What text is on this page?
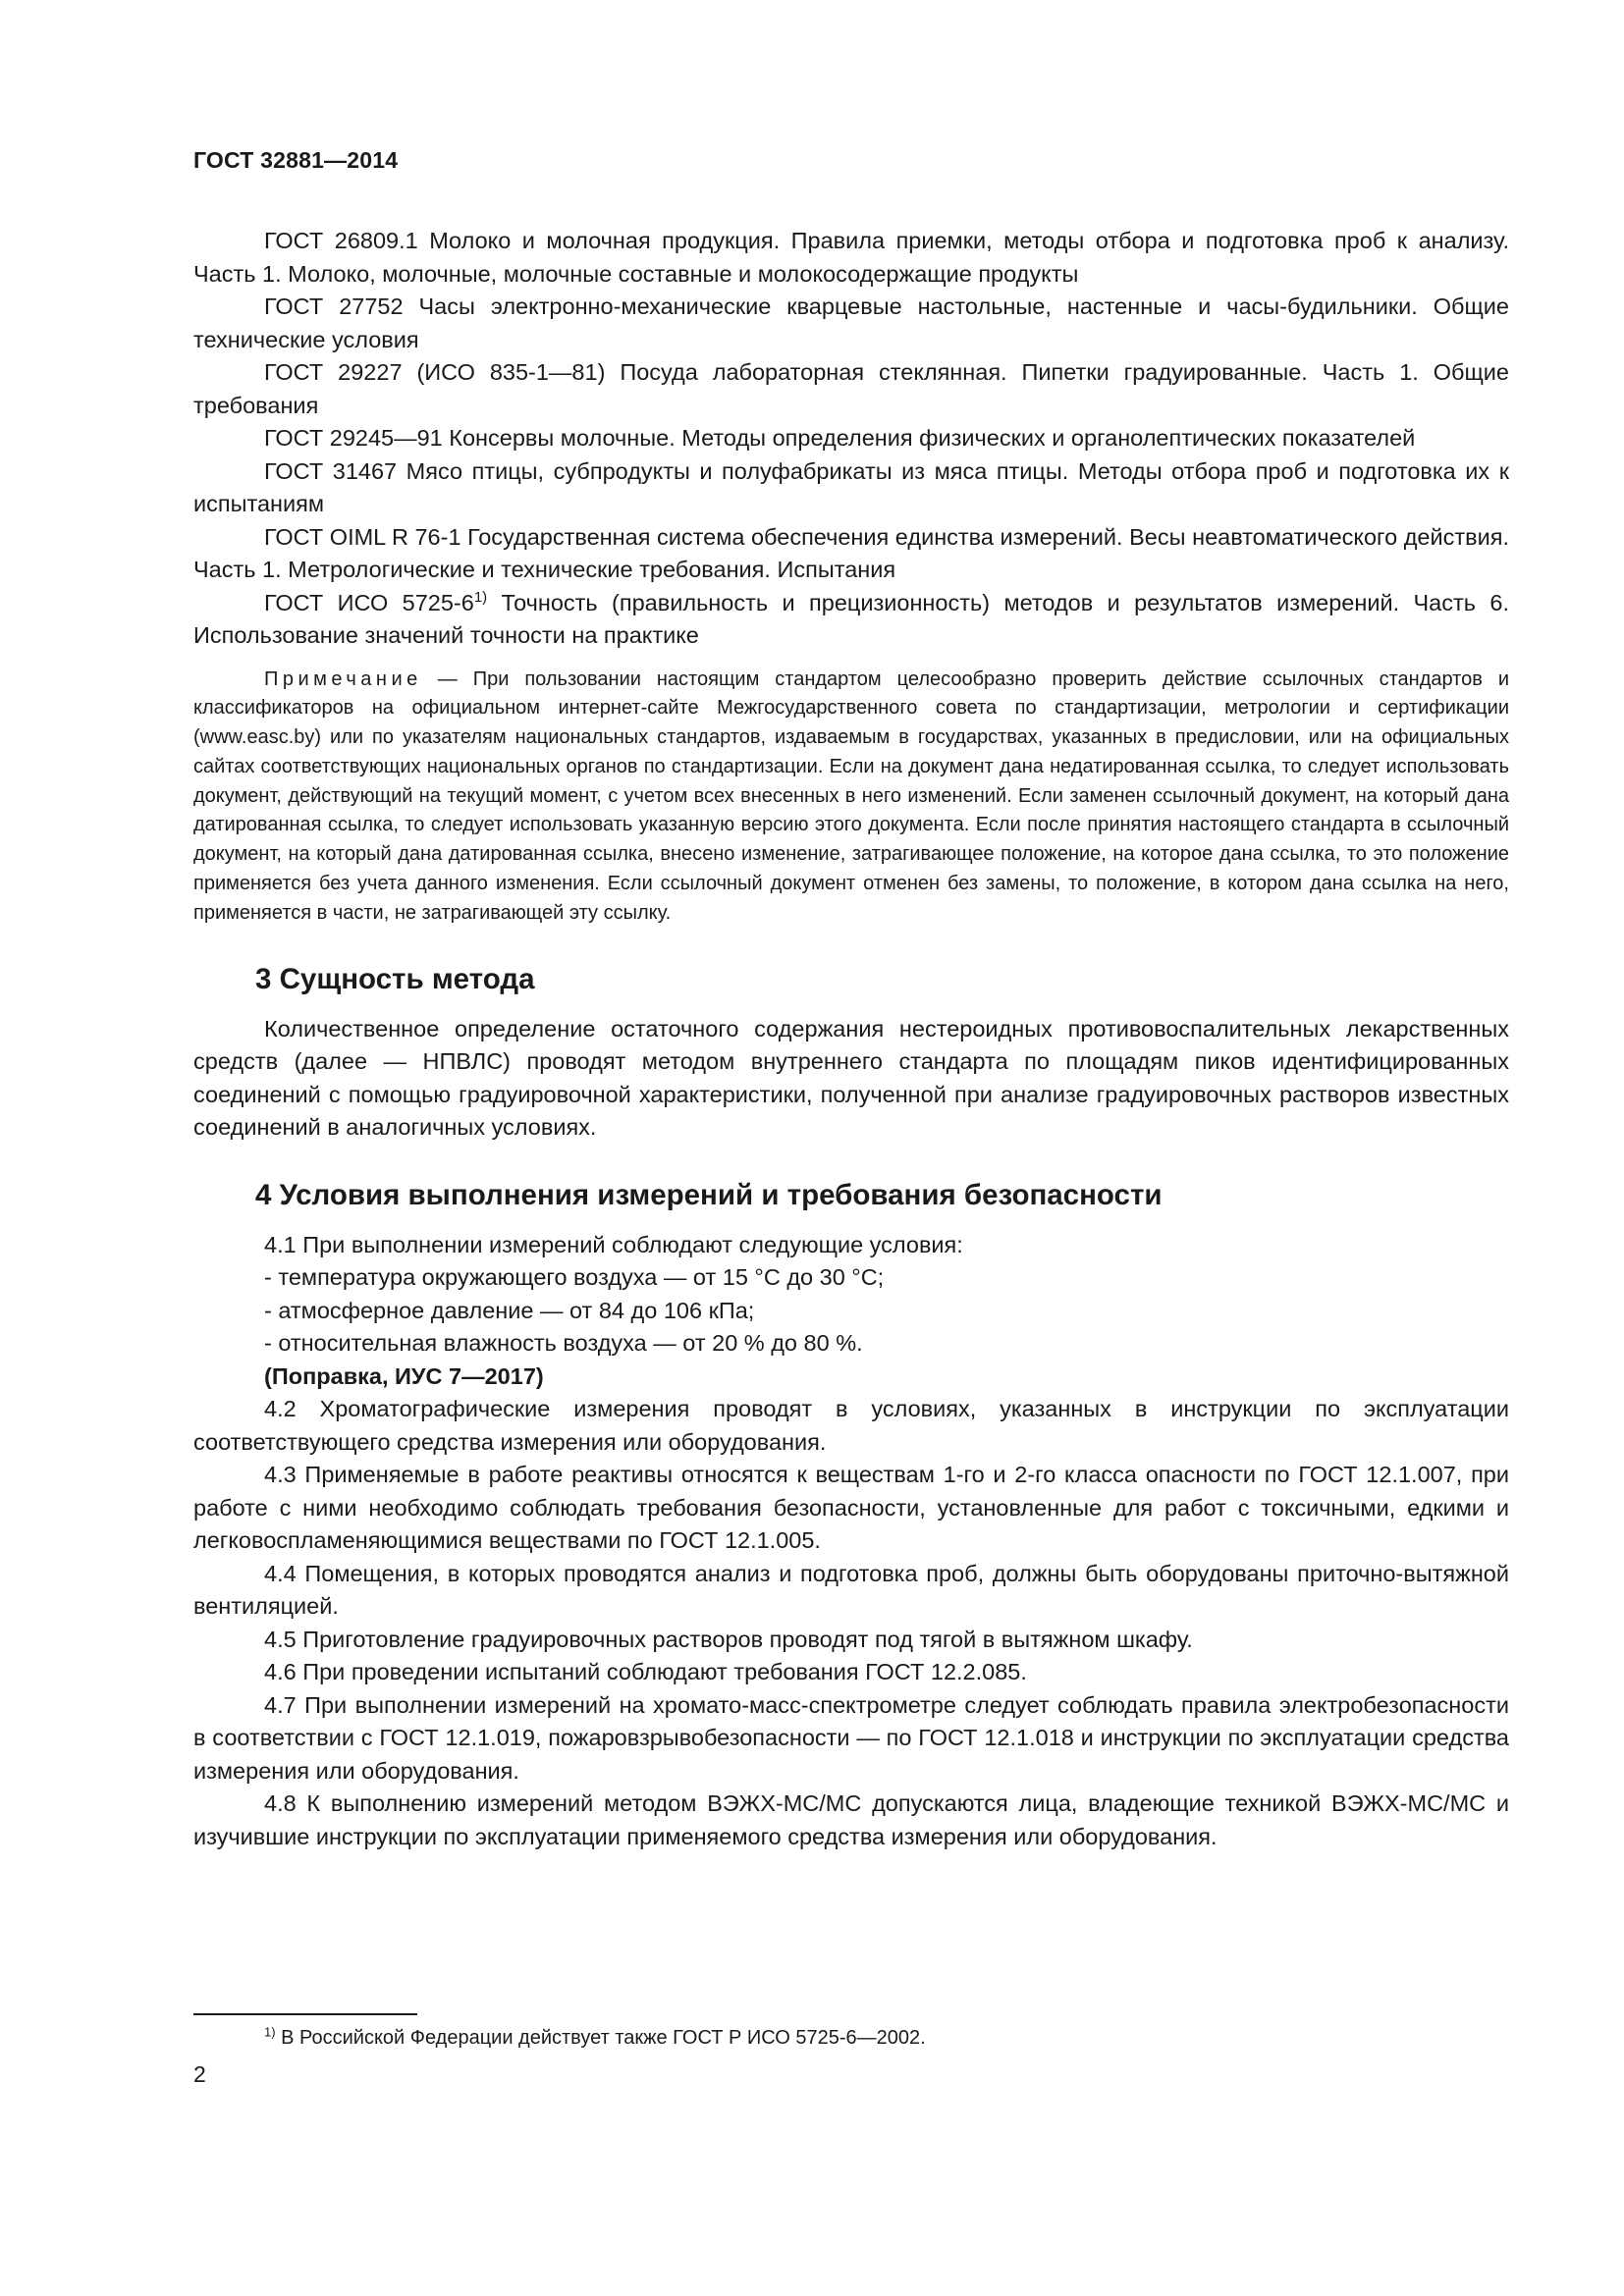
ГОСТ 32881—2014

ГОСТ 26809.1 Молоко и молочная продукция. Правила приемки, методы отбора и подготовка проб к анализу. Часть 1. Молоко, молочные, молочные составные и молокосодержащие продукты

ГОСТ 27752 Часы электронно-механические кварцевые настольные, настенные и часы-будильники. Общие технические условия

ГОСТ 29227 (ИСО 835-1—81) Посуда лабораторная стеклянная. Пипетки градуированные. Часть 1. Общие требования

ГОСТ 29245—91 Консервы молочные. Методы определения физических и органолептических показателей

ГОСТ 31467 Мясо птицы, субпродукты и полуфабрикаты из мяса птицы. Методы отбора проб и подготовка их к испытаниям

ГОСТ OIML R 76-1 Государственная система обеспечения единства измерений. Весы неавтоматического действия. Часть 1. Метрологические и технические требования. Испытания

ГОСТ ИСО 5725-6$^{1)}$ Точность (правильность и прецизионность) методов и результатов измерений. Часть 6. Использование значений точности на практике

Примечание — При пользовании настоящим стандартом целесообразно проверить действие ссылочных стандартов и классификаторов на официальном интернет-сайте Межгосударственного совета по стандартизации, метрологии и сертификации (www.easc.by) или по указателям национальных стандартов, издаваемым в государствах, указанных в предисловии, или на официальных сайтах соответствующих национальных органов по стандартизации. Если на документ дана недатированная ссылка, то следует использовать документ, действующий на текущий момент, с учетом всех внесенных в него изменений. Если заменен ссылочный документ, на который дана датированная ссылка, то следует использовать указанную версию этого документа. Если после принятия настоящего стандарта в ссылочный документ, на который дана датированная ссылка, внесено изменение, затрагивающее положение, на которое дана ссылка, то это положение применяется без учета данного изменения. Если ссылочный документ отменен без замены, то положение, в котором дана ссылка на него, применяется в части, не затрагивающей эту ссылку.

3 Сущность метода

Количественное определение остаточного содержания нестероидных противовоспалительных лекарственных средств (далее — НПВЛС) проводят методом внутреннего стандарта по площадям пиков идентифицированных соединений с помощью градуировочной характеристики, полученной при анализе градуировочных растворов известных соединений в аналогичных условиях.

4 Условия выполнения измерений и требования безопасности

4.1 При выполнении измерений соблюдают следующие условия:

- температура окружающего воздуха — от 15 °С до 30 °С;

- атмосферное давление — от 84 до 106 кПа;

- относительная влажность воздуха — от 20 % до 80 %.

(Поправка, ИУС 7—2017)

4.2 Хроматографические измерения проводят в условиях, указанных в инструкции по эксплуатации соответствующего средства измерения или оборудования.

4.3 Применяемые в работе реактивы относятся к веществам 1-го и 2-го класса опасности по ГОСТ 12.1.007, при работе с ними необходимо соблюдать требования безопасности, установленные для работ с токсичными, едкими и легковоспламеняющимися веществами по ГОСТ 12.1.005.

4.4 Помещения, в которых проводятся анализ и подготовка проб, должны быть оборудованы приточно-вытяжной вентиляцией.

4.5 Приготовление градуировочных растворов проводят под тягой в вытяжном шкафу.

4.6 При проведении испытаний соблюдают требования ГОСТ 12.2.085.

4.7 При выполнении измерений на хромато-масс-спектрометре следует соблюдать правила электробезопасности в соответствии с ГОСТ 12.1.019, пожаровзрывобезопасности — по ГОСТ 12.1.018 и инструкции по эксплуатации средства измерения или оборудования.

4.8 К выполнению измерений методом ВЭЖХ-МС/МС допускаются лица, владеющие техникой ВЭЖХ-МС/МС и изучившие инструкции по эксплуатации применяемого средства измерения или оборудования.

$^{1)}$ В Российской Федерации действует также ГОСТ Р ИСО 5725-6—2002.
2
